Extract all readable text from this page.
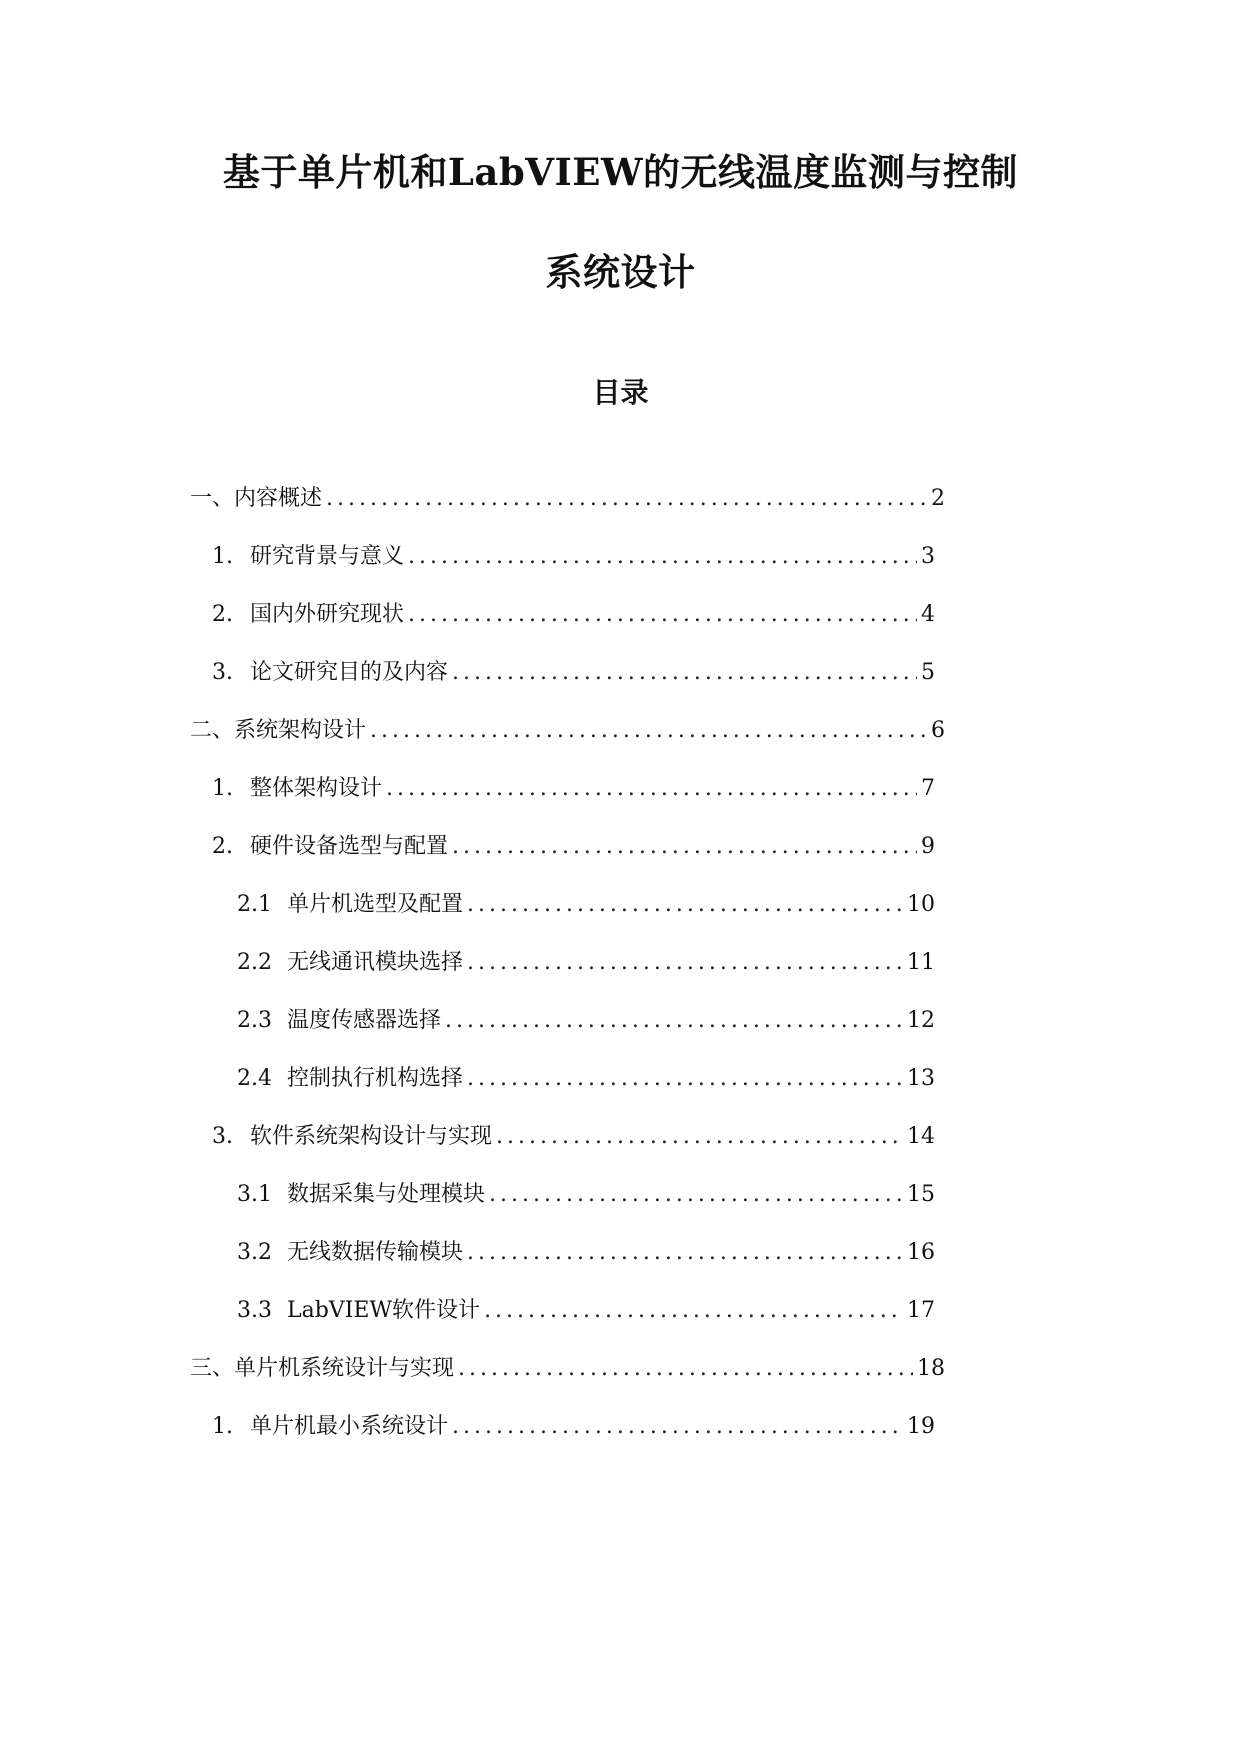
基于单片机和LabVIEW的无线温度监测与控制
系统设计
目录
一、 内容概述 .....	2
1. 研究背景与意义 .....	3
2. 国内外研究现状 .....	4
3. 论文研究目的及内容 .....	5
二、 系统架构设计 .....	6
1. 整体架构设计 .....	7
2. 硬件设备选型与配置 .....	9
2.1 单片机选型及配置 .....	10
2.2 无线通讯模块选择 .....	11
2.3 温度传感器选择 .....	12
2.4 控制执行机构选择 .....	13
3. 软件系统架构设计与实现 .....	14
3.1 数据采集与处理模块 .....	15
3.2 无线数据传输模块 .....	16
3.3 LabVIEW软件设计 .....	17
三、 单片机系统设计与实现 .....	18
1. 单片机最小系统设计 .....	19
